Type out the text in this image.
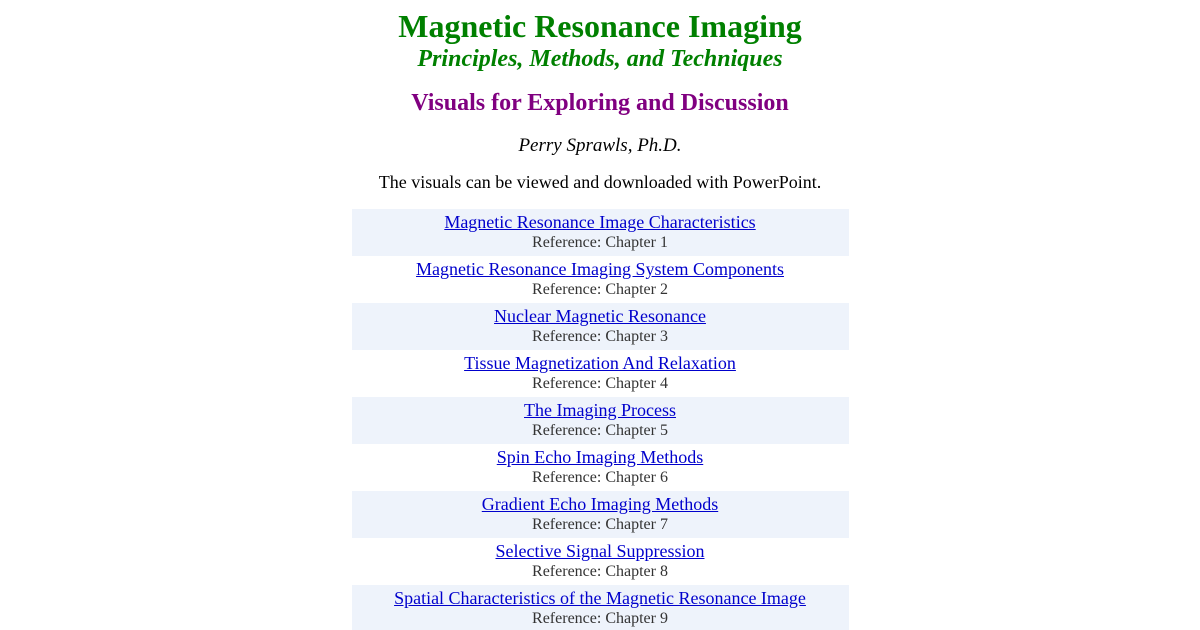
Magnetic Resonance Imaging
Principles, Methods, and Techniques
Visuals for Exploring and Discussion

Perry Sprawls, Ph.D.

The visuals can be viewed and downloaded with PowerPoint.

Magnetic Resonance Image Characteristics
Reference: Chapter 1
Magnetic Resonance Imaging System Components
Reference: Chapter 2
Nuclear Magnetic Resonance
Reference: Chapter 3
Tissue Magnetization And Relaxation
Reference: Chapter 4
The Imaging Process
Reference: Chapter 5
Spin Echo Imaging Methods
Reference: Chapter 6
Gradient Echo Imaging Methods
Reference: Chapter 7
Selective Signal Suppression
Reference: Chapter 8
Spatial Characteristics of the Magnetic Resonance Image
Reference: Chapter 9
